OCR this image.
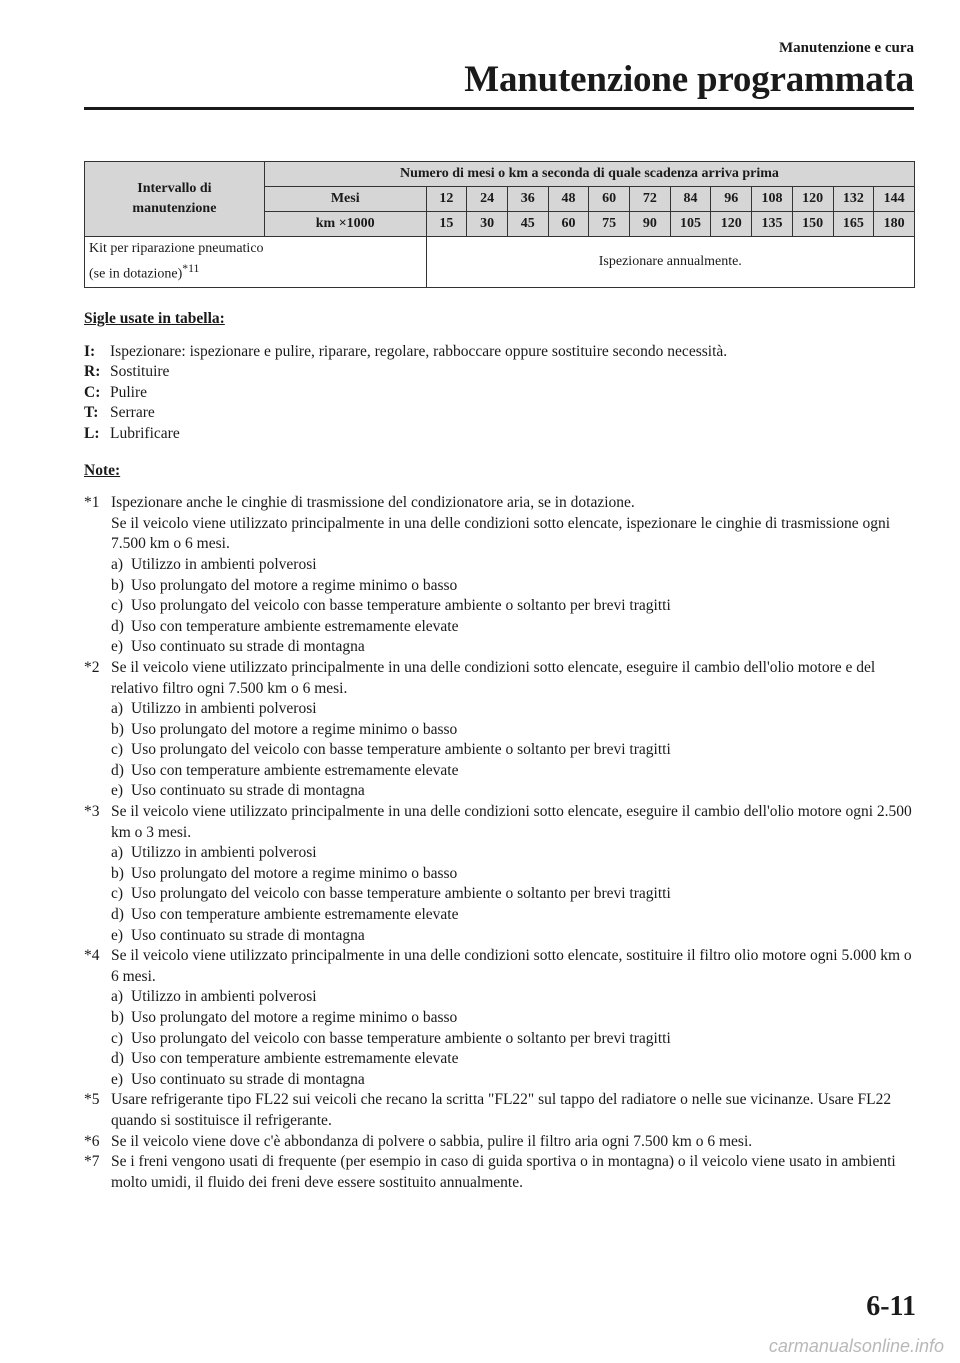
Manutenzione e cura
Manutenzione programmata
Intervallo di manutenzione	Numero di mesi o km a seconda di quale scadenza arriva prima												
	Mesi	12	24	36	48	60	72	84	96	108	120	132	144
	km ×1000	15	30	45	60	75	90	105	120	135	150	165	180
Kit per riparazione pneumatico
(se in dotazione)$^{*11}$		Ispezionare annualmente.											

Sigle usate in tabella:

I: Ispezionare: ispezionare e pulire, riparare, regolare, rabboccare oppure sostituire secondo necessità.

R: Sostituire

C: Pulire

T: Serrare

L: Lubrificare

Note:

*1 Ispezionare anche le cinghie di trasmissione del condizionatore aria, se in dotazione.
Se il veicolo viene utilizzato principalmente in una delle condizioni sotto elencate, ispezionare le cinghie di trasmissione ogni 7.500 km o 6 mesi.
a) Utilizzo in ambienti polverosi
b) Uso prolungato del motore a regime minimo o basso
c) Uso prolungato del veicolo con basse temperature ambiente o soltanto per brevi tragitti
d) Uso con temperature ambiente estremamente elevate
e) Uso continuato su strade di montagna
*2 Se il veicolo viene utilizzato principalmente in una delle condizioni sotto elencate, eseguire il cambio dell'olio motore e del relativo filtro ogni 7.500 km o 6 mesi.
a) Utilizzo in ambienti polverosi
b) Uso prolungato del motore a regime minimo o basso
c) Uso prolungato del veicolo con basse temperature ambiente o soltanto per brevi tragitti
d) Uso con temperature ambiente estremamente elevate
e) Uso continuato su strade di montagna
*3 Se il veicolo viene utilizzato principalmente in una delle condizioni sotto elencate, eseguire il cambio dell'olio motore ogni 2.500 km o 3 mesi.
a) Utilizzo in ambienti polverosi
b) Uso prolungato del motore a regime minimo o basso
c) Uso prolungato del veicolo con basse temperature ambiente o soltanto per brevi tragitti
d) Uso con temperature ambiente estremamente elevate
e) Uso continuato su strade di montagna
*4 Se il veicolo viene utilizzato principalmente in una delle condizioni sotto elencate, sostituire il filtro olio motore ogni 5.000 km o 6 mesi.
a) Utilizzo in ambienti polverosi
b) Uso prolungato del motore a regime minimo o basso
c) Uso prolungato del veicolo con basse temperature ambiente o soltanto per brevi tragitti
d) Uso con temperature ambiente estremamente elevate
e) Uso continuato su strade di montagna
*5 Usare refrigerante tipo FL22 sui veicoli che recano la scritta "FL22" sul tappo del radiatore o nelle sue vicinanze. Usare FL22 quando si sostituisce il refrigerante.
*6 Se il veicolo viene dove c'è abbondanza di polvere o sabbia, pulire il filtro aria ogni 7.500 km o 6 mesi.
*7 Se i freni vengono usati di frequente (per esempio in caso di guida sportiva o in montagna) o il veicolo viene usato in ambienti molto umidi, il fluido dei freni deve essere sostituito annualmente.
6-11
carmanualsonline.info
